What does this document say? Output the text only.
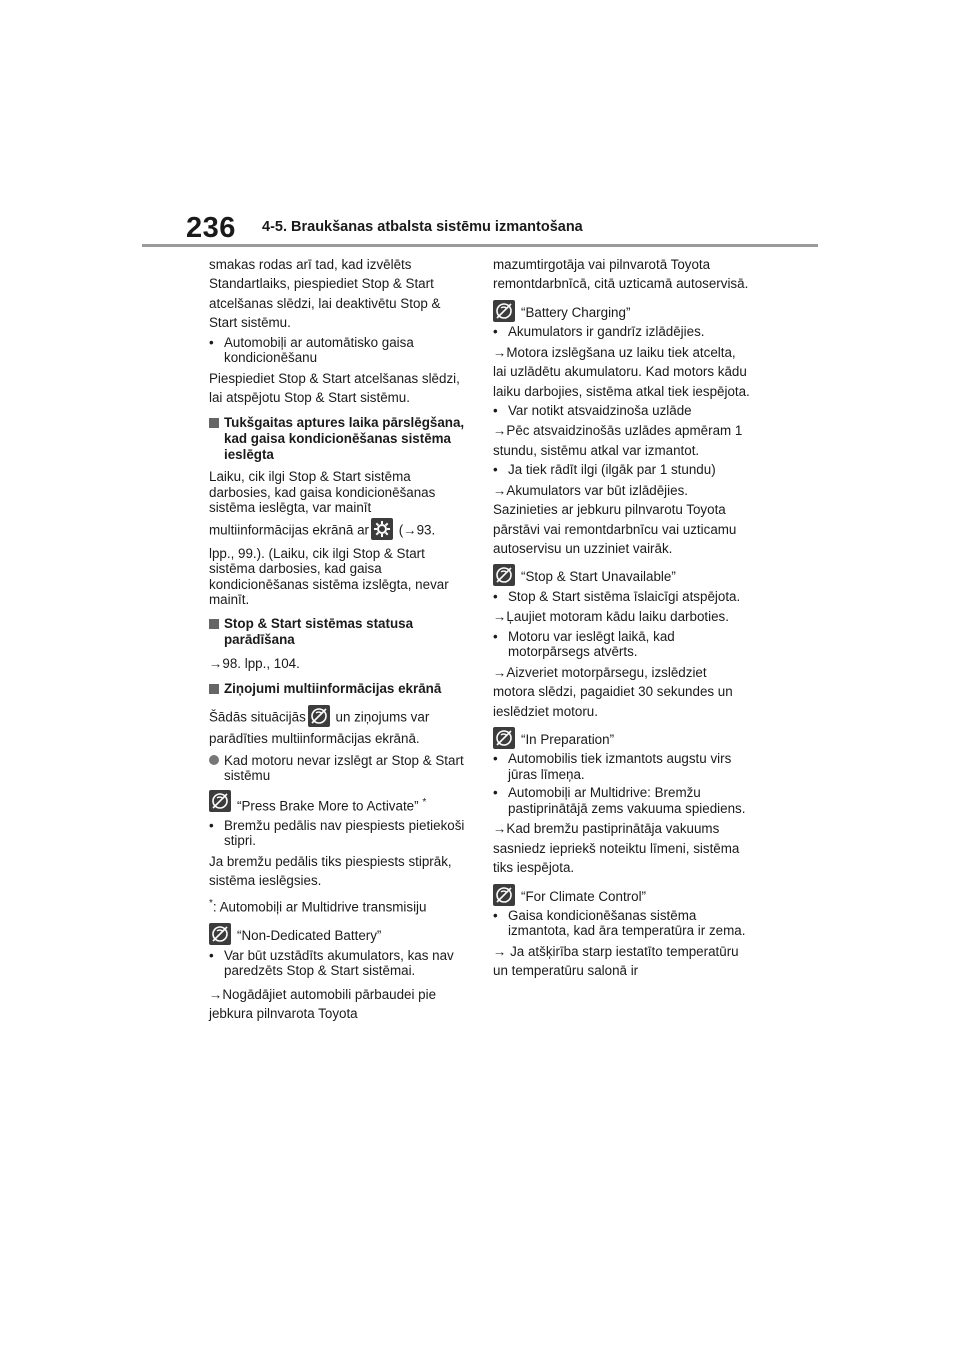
236 4-5. Braukšanas atbalsta sistēmu izmantošana

smakas rodas arī tad, kad izvēlēts Standartlaiks, piespiediet Stop & Start atcelšanas slēdzi, lai deaktivētu Stop & Start sistēmu.

• Automobiļi ar automātisko gaisa kondicionēšanu

Piespiediet Stop & Start atcelšanas slēdzi, lai atspējotu Stop & Start sistēmu.

Tukšgaitas aptures laika pārslēgšana, kad gaisa kondicionēšanas sistēma ieslēgta

Laiku, cik ilgi Stop & Start sistēma darbosies, kad gaisa kondicionēšanas sistēma ieslēgta, var mainīt

multiinformācijas ekrānā ar (→93.

lpp., 99.). (Laiku, cik ilgi Stop & Start sistēma darbosies, kad gaisa kondicionēšanas sistēma izslēgta, nevar mainīt.

Stop & Start sistēmas statusa parādīšana

→98. lpp., 104.

Ziņojumi multiinformācijas ekrānā

Šādās situācijās un ziņojums var parādīties multiinformācijas ekrānā.

Kad motoru nevar izslēgt ar Stop & Start sistēmu
“Press Brake More to Activate” *
• Bremžu pedālis nav piespiests pietiekoši stipri.

Ja bremžu pedālis tiks piespiests stiprāk, sistēma ieslēgsies.

*: Automobiļi ar Multidrive transmisiju

“Non-Dedicated Battery”
• Var būt uzstādīts akumulators, kas nav paredzēts Stop & Start sistēmai.

→Nogādājiet automobili pārbaudei pie jebkura pilnvarota Toyota

mazumtirgotāja vai pilnvarotā Toyota remontdarbnīcā, citā uzticamā autoservisā.

“Battery Charging”
• Akumulators ir gandrīz izlādējies.

→Motora izslēgšana uz laiku tiek atcelta, lai uzlādētu akumulatoru. Kad motors kādu laiku darbojies, sistēma atkal tiek iespējota.

• Var notikt atsvaidzinoša uzlāde

→Pēc atsvaidzinošās uzlādes apmēram 1 stundu, sistēmu atkal var izmantot.

• Ja tiek rādīt ilgi (ilgāk par 1 stundu)

→Akumulators var būt izlādējies. Sazinieties ar jebkuru pilnvarotu Toyota pārstāvi vai remontdarbnīcu vai uzticamu autoservisu un uzziniet vairāk.

“Stop & Start Unavailable”
• Stop & Start sistēma īslaicīgi atspējota.

→Ļaujiet motoram kādu laiku darboties.

• Motoru var ieslēgt laikā, kad motorpārsegs atvērts.

→Aizveriet motorpārsegu, izslēdziet motora slēdzi, pagaidiet 30 sekundes un ieslēdziet motoru.

“In Preparation”
• Automobilis tiek izmantots augstu virs jūras līmeņa.
• Automobiļi ar Multidrive: Bremžu pastiprinātājā zems vakuuma spiediens.

→Kad bremžu pastiprinātāja vakuums sasniedz iepriekš noteiktu līmeni, sistēma tiks iespējota.

“For Climate Control”
• Gaisa kondicionēšanas sistēma izmantota, kad āra temperatūra ir zema.

→ Ja atšķirība starp iestatīto temperatūru un temperatūru salonā ir
